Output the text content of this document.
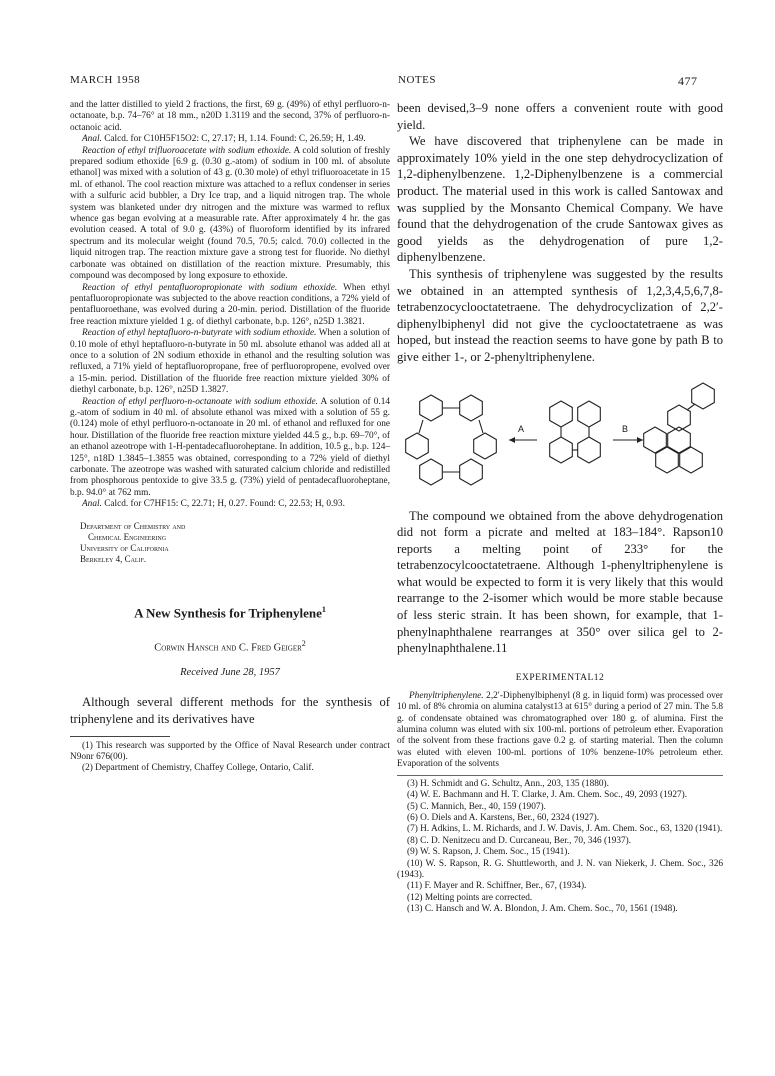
MARCH 1958	NOTES	477

and the latter distilled to yield 2 fractions, the first, 69 g. (49%) of ethyl perfluoro-n-octanoate, b.p. 74–76° at 18 mm., n20D 1.3119 and the second, 37% of perfluoro-n-octanoic acid.

Anal. Calcd. for C10H5F15O2: C, 27.17; H, 1.14. Found: C, 26.59; H, 1.49.

Reaction of ethyl trifluoroacetate with sodium ethoxide. A cold solution of freshly prepared sodium ethoxide [6.9 g. (0.30 g.-atom) of sodium in 100 ml. of absolute ethanol] was mixed with a solution of 43 g. (0.30 mole) of ethyl trifluoroacetate in 15 ml. of ethanol. The cool reaction mixture was attached to a reflux condenser in series with a sulfuric acid bubbler, a Dry Ice trap, and a liquid nitrogen trap. The whole system was blanketed under dry nitrogen and the mixture was warmed to reflux whence gas began evolving at a measurable rate. After approximately 4 hr. the gas evolution ceased. A total of 9.0 g. (43%) of fluoroform identified by its infrared spectrum and its molecular weight (found 70.5, 70.5; calcd. 70.0) collected in the liquid nitrogen trap. The reaction mixture gave a strong test for fluoride. No diethyl carbonate was obtained on distillation of the reaction mixture. Presumably, this compound was decomposed by long exposure to ethoxide.

Reaction of ethyl pentafluoropropionate with sodium ethoxide. When ethyl pentafluoropropionate was subjected to the above reaction conditions, a 72% yield of pentafluoroethane, was evolved during a 20-min. period. Distillation of the fluoride free reaction mixture yielded 1 g. of diethyl carbonate, b.p. 126°, n25D 1.3821.

Reaction of ethyl heptafluoro-n-butyrate with sodium ethoxide. When a solution of 0.10 mole of ethyl heptafluoro-n-butyrate in 50 ml. absolute ethanol was added all at once to a solution of 2N sodium ethoxide in ethanol and the resulting solution was refluxed, a 71% yield of heptafluoropropane, free of perfluoropropene, evolved over a 15-min. period. Distillation of the fluoride free reaction mixture yielded 30% of diethyl carbonate, b.p. 126°, n25D 1.3827.

Reaction of ethyl perfluoro-n-octanoate with sodium ethoxide. A solution of 0.14 g.-atom of sodium in 40 ml. of absolute ethanol was mixed with a solution of 55 g. (0.124) mole of ethyl perfluoro-n-octanoate in 20 ml. of ethanol and refluxed for one hour. Distillation of the fluoride free reaction mixture yielded 44.5 g., b.p. 69–70°, of an ethanol azeotrope with 1-H-pentadecafluoroheptane. In addition, 10.5 g., b.p. 124–125°, n18D 1.3845–1.3855 was obtained, corresponding to a 72% yield of diethyl carbonate. The azeotrope was washed with saturated calcium chloride and redistilled from phosphorous pentoxide to give 33.5 g. (73%) yield of pentadecafluoroheptane, b.p. 94.0° at 762 mm.

Anal. Calcd. for C7HF15: C, 22.71; H, 0.27. Found: C, 22.53; H, 0.93.

Department of Chemistry and
Chemical Engineering
University of California
Berkeley 4, Calif.
A New Synthesis for Triphenylene$^1$
Corwin Hansch and C. Fred Geiger$^2$
Received June 28, 1957

Although several different methods for the synthesis of triphenylene and its derivatives have

(1) This research was supported by the Office of Naval Research under contract N9onr 676(00).

(2) Department of Chemistry, Chaffey College, Ontario, Calif.

been devised,3–9 none offers a convenient route with good yield.

We have discovered that triphenylene can be made in approximately 10% yield in the one step dehydrocyclization of 1,2-diphenylbenzene. 1,2-Diphenylbenzene is a commercial product. The material used in this work is called Santowax and was supplied by the Monsanto Chemical Company. We have found that the dehydrogenation of the crude Santowax gives as good yields as the dehydrogenation of pure 1,2-diphenylbenzene.

This synthesis of triphenylene was suggested by the results we obtained in an attempted synthesis of 1,2,3,4,5,6,7,8-tetrabenzocyclooctatetraene. The dehydrocyclization of 2,2′-diphenylbiphenyl did not give the cyclooctatetraene as was hoped, but instead the reaction seems to have gone by path B to give either 1-, or 2-phenyltriphenylene.

A	B

The compound we obtained from the above dehydrogenation did not form a picrate and melted at 183–184°. Rapson10 reports a melting point of 233° for the tetrabenzocylcooctatetraene. Although 1-phenyltriphenylene is what would be expected to form it is very likely that this would rearrange to the 2-isomer which would be more stable because of less steric strain. It has been shown, for example, that 1-phenylnaphthalene rearranges at 350° over silica gel to 2-phenylnaphthalene.11

EXPERIMENTAL12

Phenyltriphenylene. 2,2′-Diphenylbiphenyl (8 g. in liquid form) was processed over 10 ml. of 8% chromia on alumina catalyst13 at 615° during a period of 27 min. The 5.8 g. of condensate obtained was chromatographed over 180 g. of alumina. First the alumina column was eluted with six 100-ml. portions of petroleum ether. Evaporation of the solvent from these fractions gave 0.2 g. of starting material. Then the column was eluted with eleven 100-ml. portions of 10% benzene-10% petroleum ether. Evaporation of the solvents

(3) H. Schmidt and G. Schultz, Ann., 203, 135 (1880).

(4) W. E. Bachmann and H. T. Clarke, J. Am. Chem. Soc., 49, 2093 (1927).

(5) C. Mannich, Ber., 40, 159 (1907).

(6) O. Diels and A. Karstens, Ber., 60, 2324 (1927).

(7) H. Adkins, L. M. Richards, and J. W. Davis, J. Am. Chem. Soc., 63, 1320 (1941).

(8) C. D. Nenitzecu and D. Curcaneau, Ber., 70, 346 (1937).

(9) W. S. Rapson, J. Chem. Soc., 15 (1941).

(10) W. S. Rapson, R. G. Shuttleworth, and J. N. van Niekerk, J. Chem. Soc., 326 (1943).

(11) F. Mayer and R. Schiffner, Ber., 67, (1934).

(12) Melting points are corrected.

(13) C. Hansch and W. A. Blondon, J. Am. Chem. Soc., 70, 1561 (1948).
